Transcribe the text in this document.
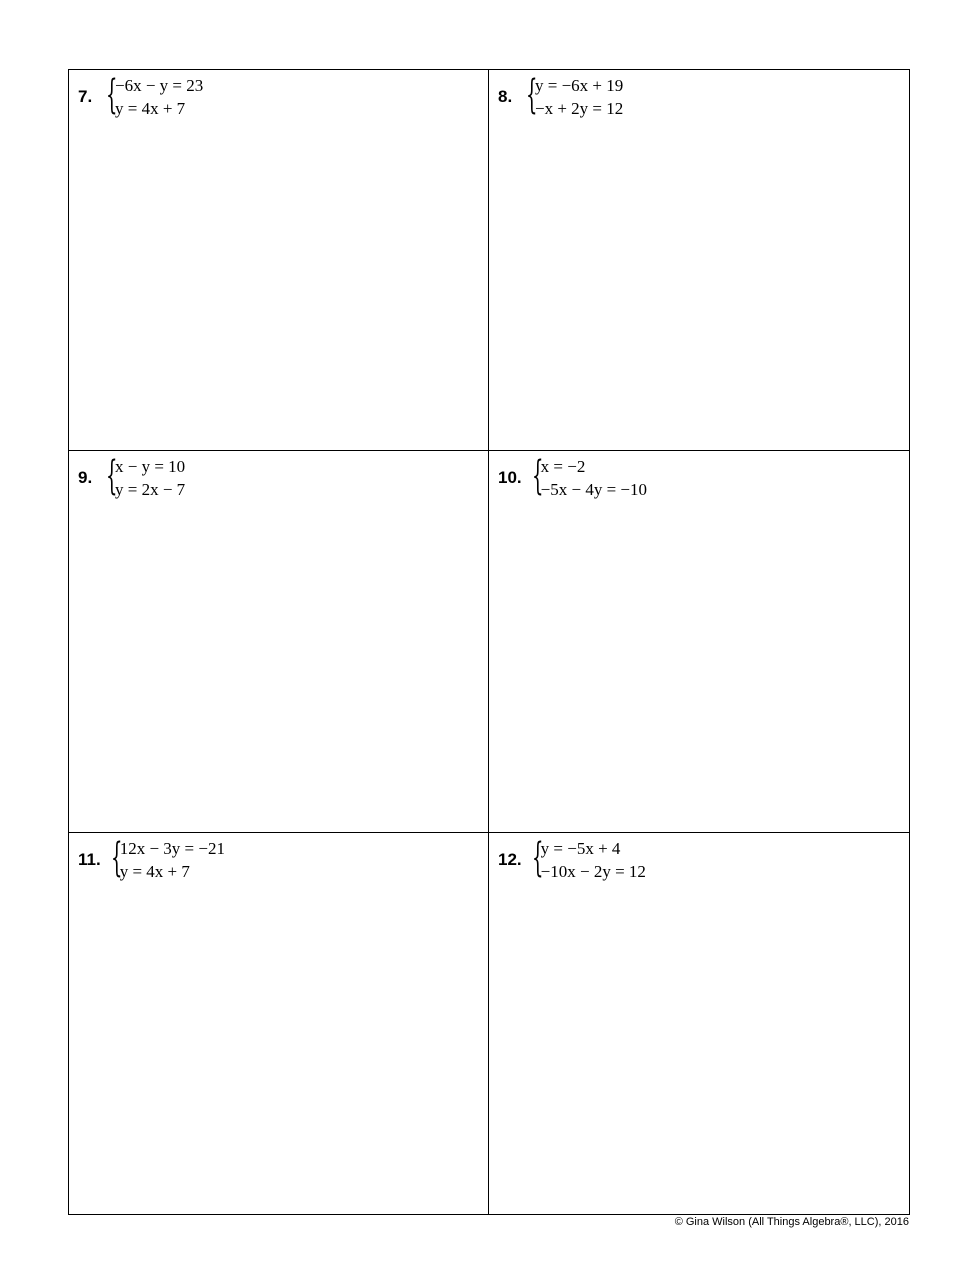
7. {
−6x − y = 23
y = 4x + 7
8. {
y = −6x + 19
−x + 2y = 12
9. {
x − y = 10
y = 2x − 7
10. {
x = −2
−5x − 4y = −10
11. {
12x − 3y = −21
y = 4x + 7
12. {
y = −5x + 4
−10x − 2y = 12
© Gina Wilson (All Things Algebra®, LLC), 2016
